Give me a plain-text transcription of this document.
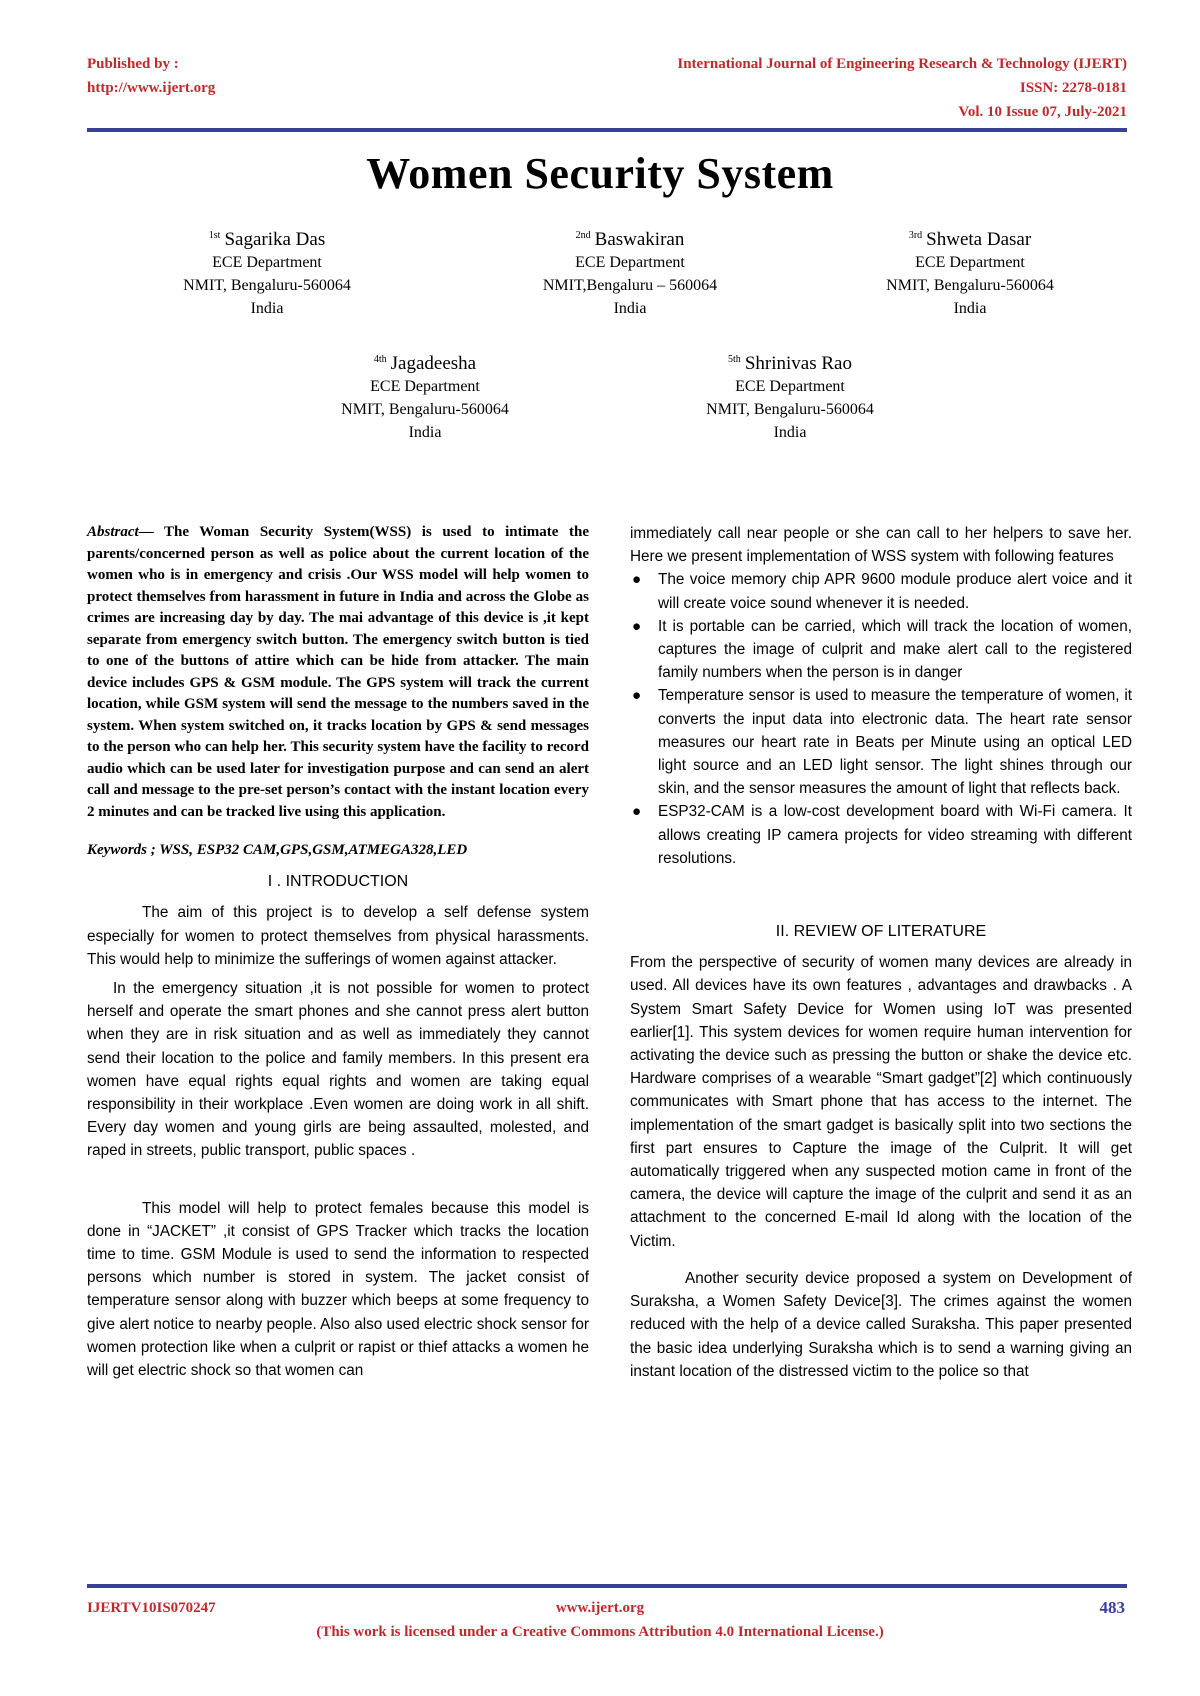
Published by :
http://www.ijert.org
International Journal of Engineering Research & Technology (IJERT)
ISSN: 2278-0181
Vol. 10 Issue 07, July-2021
Women Security System
$^{1st}$ Sagarika Das
ECE Department
NMIT, Bengaluru-560064
India
$^{2nd}$ Baswakiran
ECE Department
NMIT,Bengaluru – 560064
India
$^{3rd}$ Shweta Dasar
ECE Department
NMIT, Bengaluru-560064
India
$^{4th}$ Jagadeesha
ECE Department
NMIT, Bengaluru-560064
India
$^{5th}$ Shrinivas Rao
ECE Department
NMIT, Bengaluru-560064
India

Abstract— The Woman Security System(WSS) is used to intimate the parents/concerned person as well as police about the current location of the women who is in emergency and crisis .Our WSS model will help women to protect themselves from harassment in future in India and across the Globe as crimes are increasing day by day. The mai advantage of this device is ,it kept separate from emergency switch button. The emergency switch button is tied to one of the buttons of attire which can be hide from attacker. The main device includes GPS & GSM module. The GPS system will track the current location, while GSM system will send the message to the numbers saved in the system. When system switched on, it tracks location by GPS & send messages to the person who can help her. This security system have the facility to record audio which can be used later for investigation purpose and can send an alert call and message to the pre-set person’s contact with the instant location every 2 minutes and can be tracked live using this application.

Keywords ; WSS, ESP32 CAM,GPS,GSM,ATMEGA328,LED

I . INTRODUCTION

The aim of this project is to develop a self defense system especially for women to protect themselves from physical harassments. This would help to minimize the sufferings of women against attacker.

In the emergency situation ,it is not possible for women to protect herself and operate the smart phones and she cannot press alert button when they are in risk situation and as well as immediately they cannot send their location to the police and family members. In this present era women have equal rights equal rights and women are taking equal responsibility in their workplace .Even women are doing work in all shift. Every day women and young girls are being assaulted, molested, and raped in streets, public transport, public spaces .

This model will help to protect females because this model is done in “JACKET” ,it consist of GPS Tracker which tracks the location time to time. GSM Module is used to send the information to respected persons which number is stored in system. The jacket consist of temperature sensor along with buzzer which beeps at some frequency to give alert notice to nearby people. Also also used electric shock sensor for women protection like when a culprit or rapist or thief attacks a women he will get electric shock so that women can

immediately call near people or she can call to her helpers to save her. Here we present implementation of WSS system with following features

● The voice memory chip APR 9600 module produce alert voice and it will create voice sound whenever it is needed.
● It is portable can be carried, which will track the location of women, captures the image of culprit and make alert call to the registered family numbers when the person is in danger
● Temperature sensor is used to measure the temperature of women, it converts the input data into electronic data. The heart rate sensor measures our heart rate in Beats per Minute using an optical LED light source and an LED light sensor. The light shines through our skin, and the sensor measures the amount of light that reflects back.
● ESP32-CAM is a low-cost development board with Wi-Fi camera. It allows creating IP camera projects for video streaming with different resolutions.
II. REVIEW OF LITERATURE

From the perspective of security of women many devices are already in used. All devices have its own features , advantages and drawbacks . A System Smart Safety Device for Women using IoT was presented earlier[1]. This system devices for women require human intervention for activating the device such as pressing the button or shake the device etc. Hardware comprises of a wearable “Smart gadget”[2] which continuously communicates with Smart phone that has access to the internet. The implementation of the smart gadget is basically split into two sections the first part ensures to Capture the image of the Culprit. It will get automatically triggered when any suspected motion came in front of the camera, the device will capture the image of the culprit and send it as an attachment to the concerned E-mail Id along with the location of the Victim.

Another security device proposed a system on Development of Suraksha, a Women Safety Device[3]. The crimes against the women reduced with the help of a device called Suraksha. This paper presented the basic idea underlying Suraksha which is to send a warning giving an instant location of the distressed victim to the police so that

IJERTV10IS070247	www.ijert.org	483
(This work is licensed under a Creative Commons Attribution 4.0 International License.)
